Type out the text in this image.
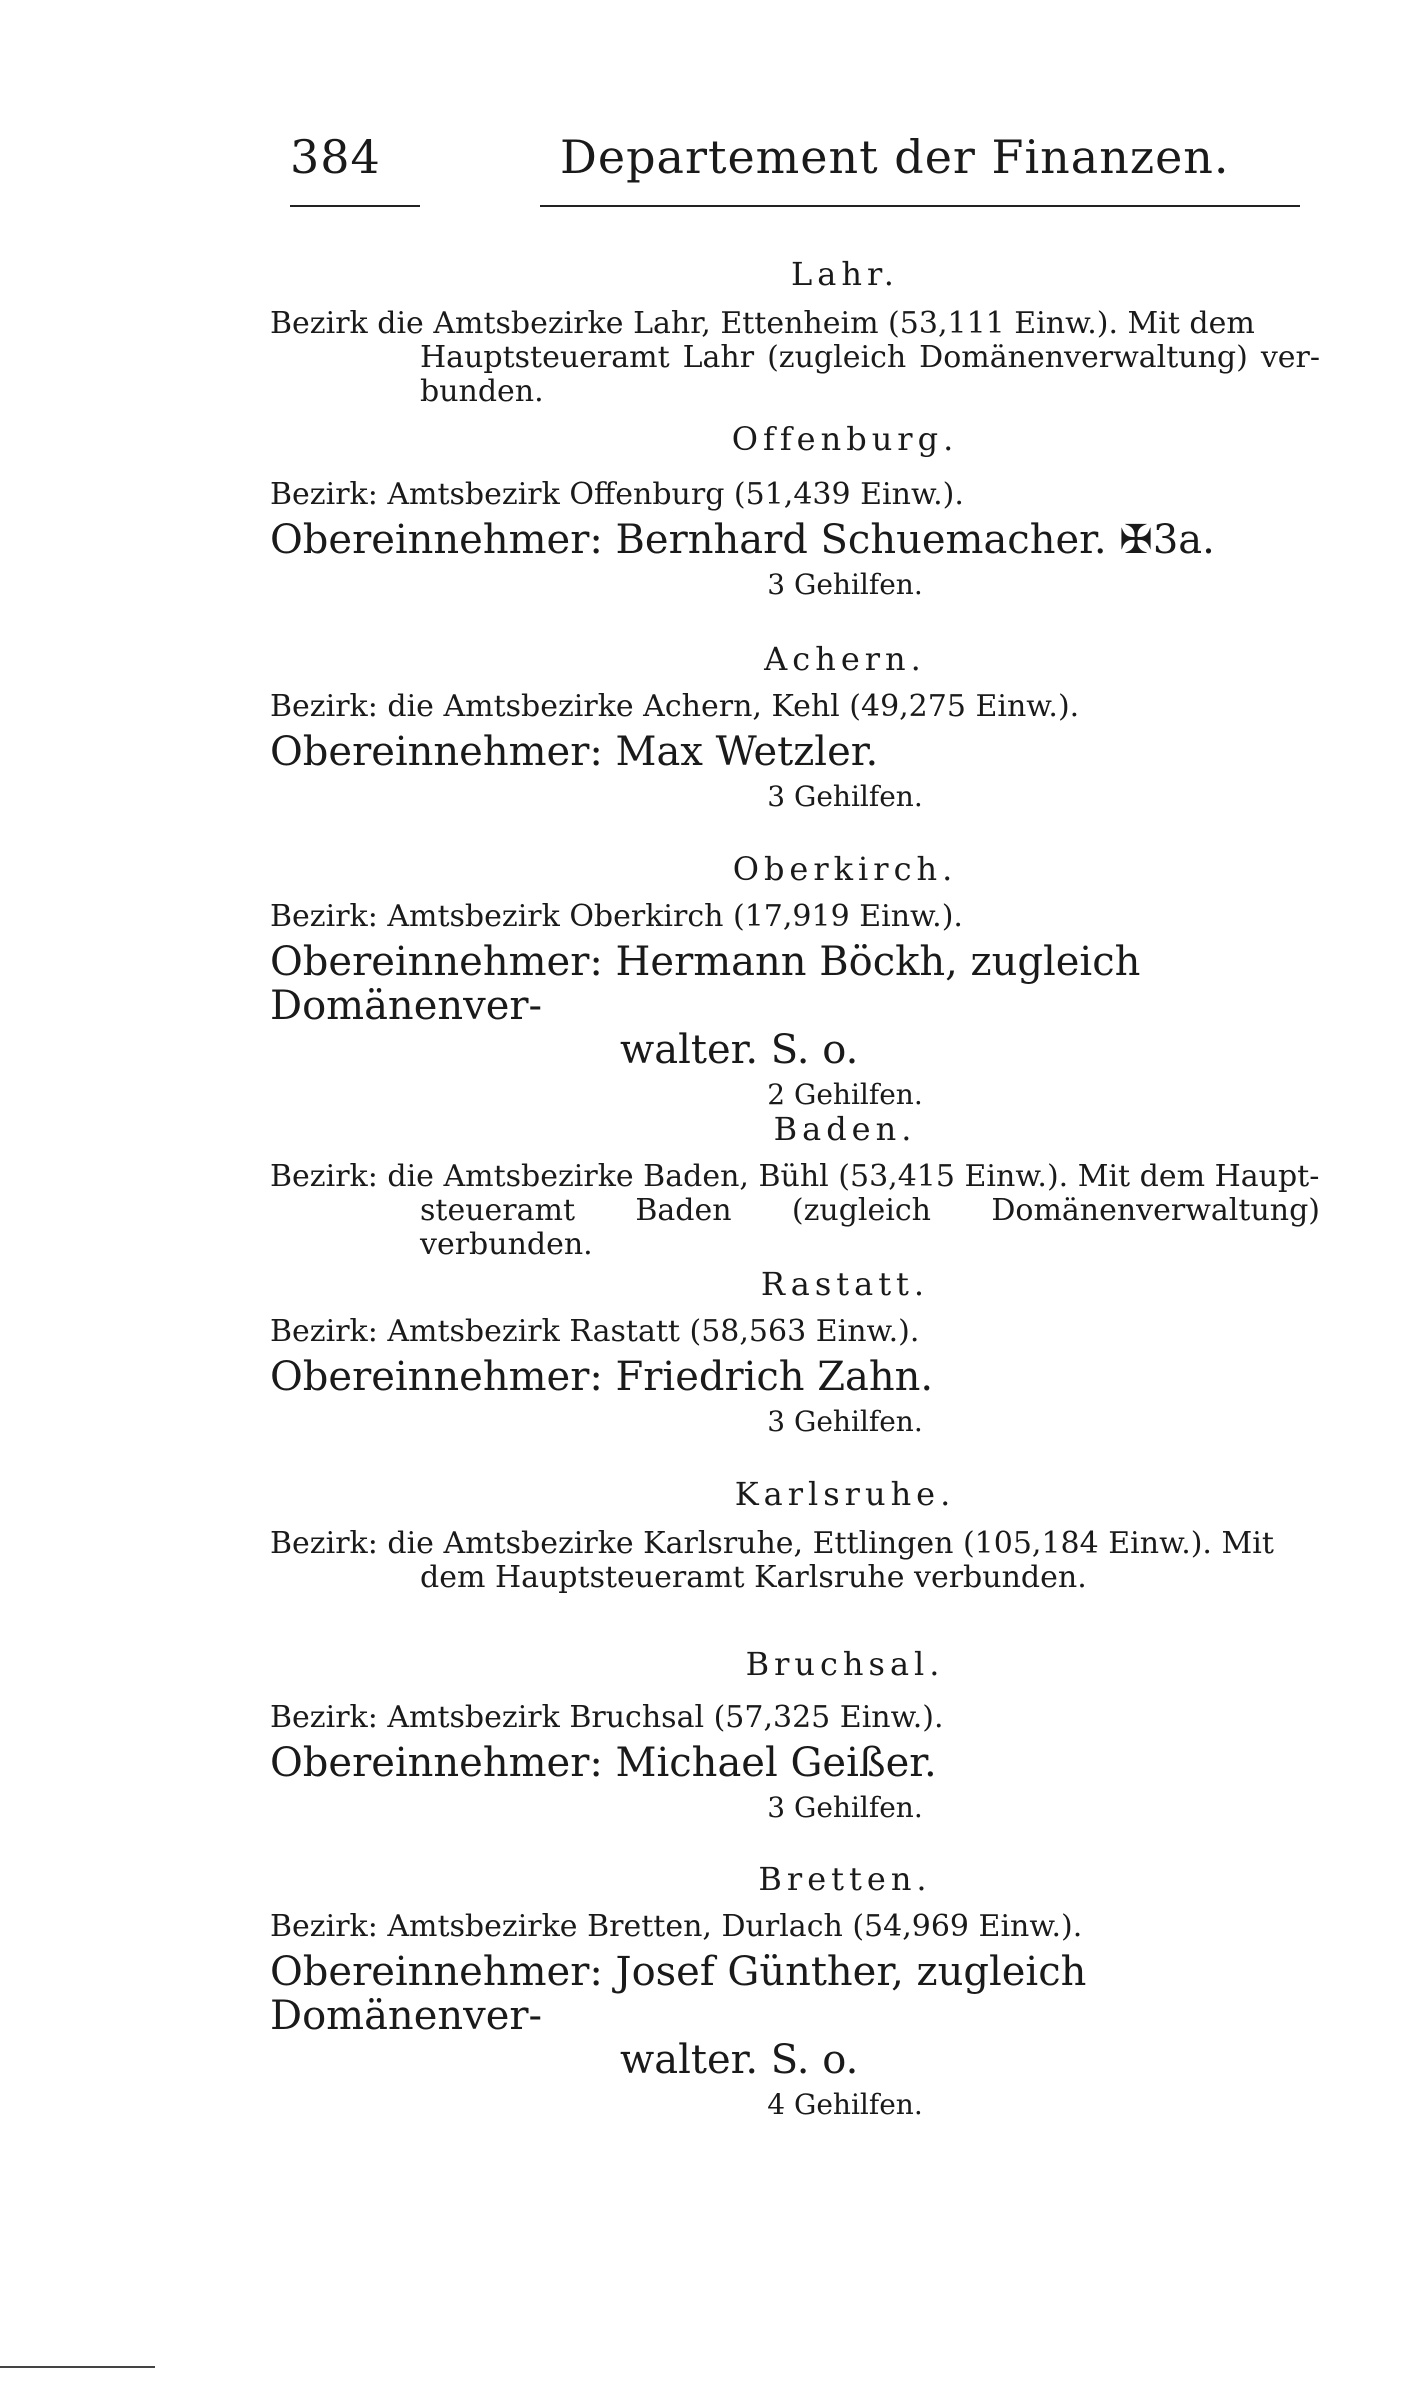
384	Departement der Finanzen.
Lahr.
Bezirk die Amtsbezirke Lahr, Ettenheim (53,111 Einw.). Mit dem
Hauptsteueramt Lahr (zugleich Domänenverwaltung) ver-bunden.
Offenburg.
Bezirk: Amtsbezirk Offenburg (51,439 Einw.).
Obereinnehmer: Bernhard Schuemacher. ✠3a.
3 Gehilfen.
Achern.
Bezirk: die Amtsbezirke Achern, Kehl (49,275 Einw.).
Obereinnehmer: Max Wetzler.
3 Gehilfen.
Oberkirch.
Bezirk: Amtsbezirk Oberkirch (17,919 Einw.).
Obereinnehmer: Hermann Böckh, zugleich Domänenver-
walter. S. o.
2 Gehilfen.
Baden.
Bezirk: die Amtsbezirke Baden, Bühl (53,415 Einw.). Mit dem Haupt-
steueramt Baden (zugleich Domänenverwaltung) verbunden.
Rastatt.
Bezirk: Amtsbezirk Rastatt (58,563 Einw.).
Obereinnehmer: Friedrich Zahn.
3 Gehilfen.
Karlsruhe.
Bezirk: die Amtsbezirke Karlsruhe, Ettlingen (105,184 Einw.). Mit
dem Hauptsteueramt Karlsruhe verbunden.
Bruchsal.
Bezirk: Amtsbezirk Bruchsal (57,325 Einw.).
Obereinnehmer: Michael Geißer.
3 Gehilfen.
Bretten.
Bezirk: Amtsbezirke Bretten, Durlach (54,969 Einw.).
Obereinnehmer: Josef Günther, zugleich Domänenver-
walter. S. o.
4 Gehilfen.
